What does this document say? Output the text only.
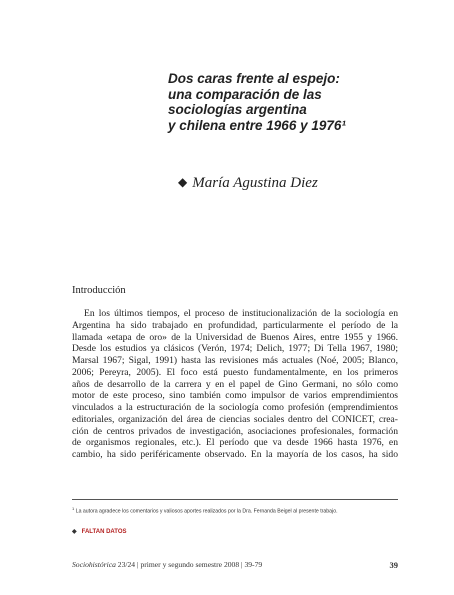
Dos caras frente al espejo:
una comparación de las
sociologías argentina
y chilena entre 1966 y 1976¹
◆ María Agustina Diez
Introducción
En los últimos tiempos, el proceso de institucionalización de la sociología en
Argentina ha sido trabajado en profundidad, particularmente el período de la
llamada «etapa de oro» de la Universidad de Buenos Aires, entre 1955 y 1966.
Desde los estudios ya clásicos (Verón, 1974; Delich, 1977; Di Tella 1967, 1980;
Marsal 1967; Sigal, 1991) hasta las revisiones más actuales (Noé, 2005; Blanco,
2006; Pereyra, 2005). El foco está puesto fundamentalmente, en los primeros
años de desarrollo de la carrera y en el papel de Gino Germani, no sólo como
motor de este proceso, sino también como impulsor de varios emprendimientos
vinculados a la estructuración de la sociología como profesión (emprendimientos
editoriales, organización del área de ciencias sociales dentro del CONICET, crea-
ción de centros privados de investigación, asociaciones profesionales, formación
de organismos regionales, etc.). El período que va desde 1966 hasta 1976, en
cambio, ha sido periféricamente observado. En la mayoría de los casos, ha sido
$^1$ La autora agradece los comentarios y valiosos aportes realizados por la Dra. Fernanda Beigel al presente trabajo.
◆ FALTAN DATOS
Sociohistórica 23/24 | primer y segundo semestre 2008 | 39-79	39
